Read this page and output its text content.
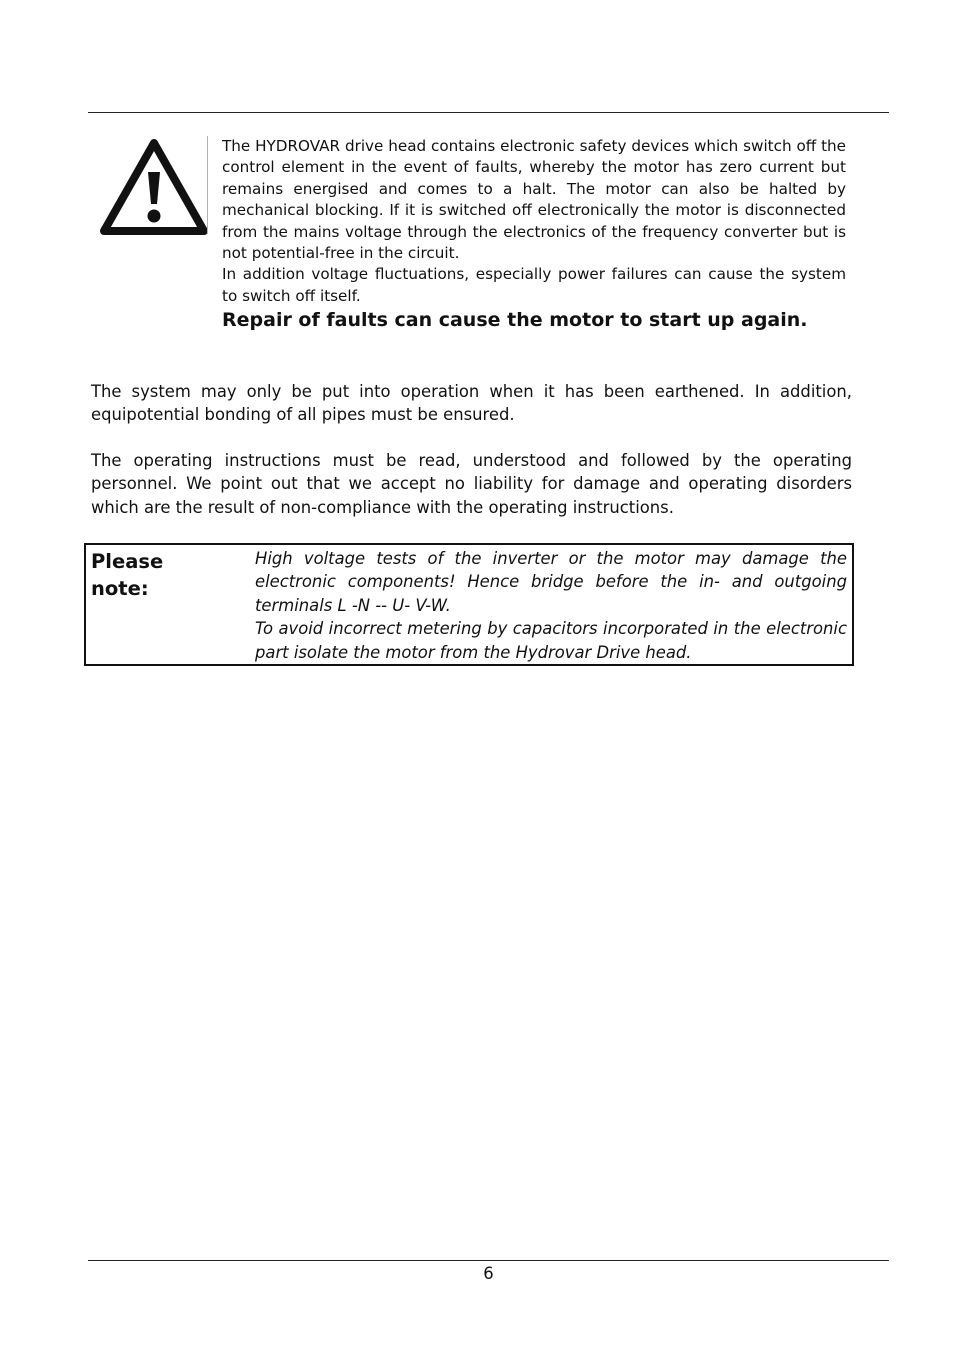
The HYDROVAR drive head contains electronic safety devices which switch off the control element in the event of faults, whereby the motor has zero current but remains energised and comes to a halt. The motor can also be halted by mechanical blocking. If it is switched off electronically the motor is disconnected from the mains voltage through the electronics of the frequency converter but is not potential-free in the circuit.

In addition voltage fluctuations, especially power failures can cause the system to switch off itself.

Repair of faults can cause the motor to start up again.

The system may only be put into operation when it has been earthened. In addition, equipotential bonding of all pipes must be ensured.

The operating instructions must be read, understood and followed by the operating personnel. We point out that we accept no liability for damage and operating disorders which are the result of non-compliance with the operating instructions.

Please note:

High voltage tests of the inverter or the motor may damage the electronic components! Hence bridge before the in- and outgoing terminals L -N -- U- V-W.

To avoid incorrect metering by capacitors incorporated in the electronic part isolate the motor from the Hydrovar Drive head.

6
